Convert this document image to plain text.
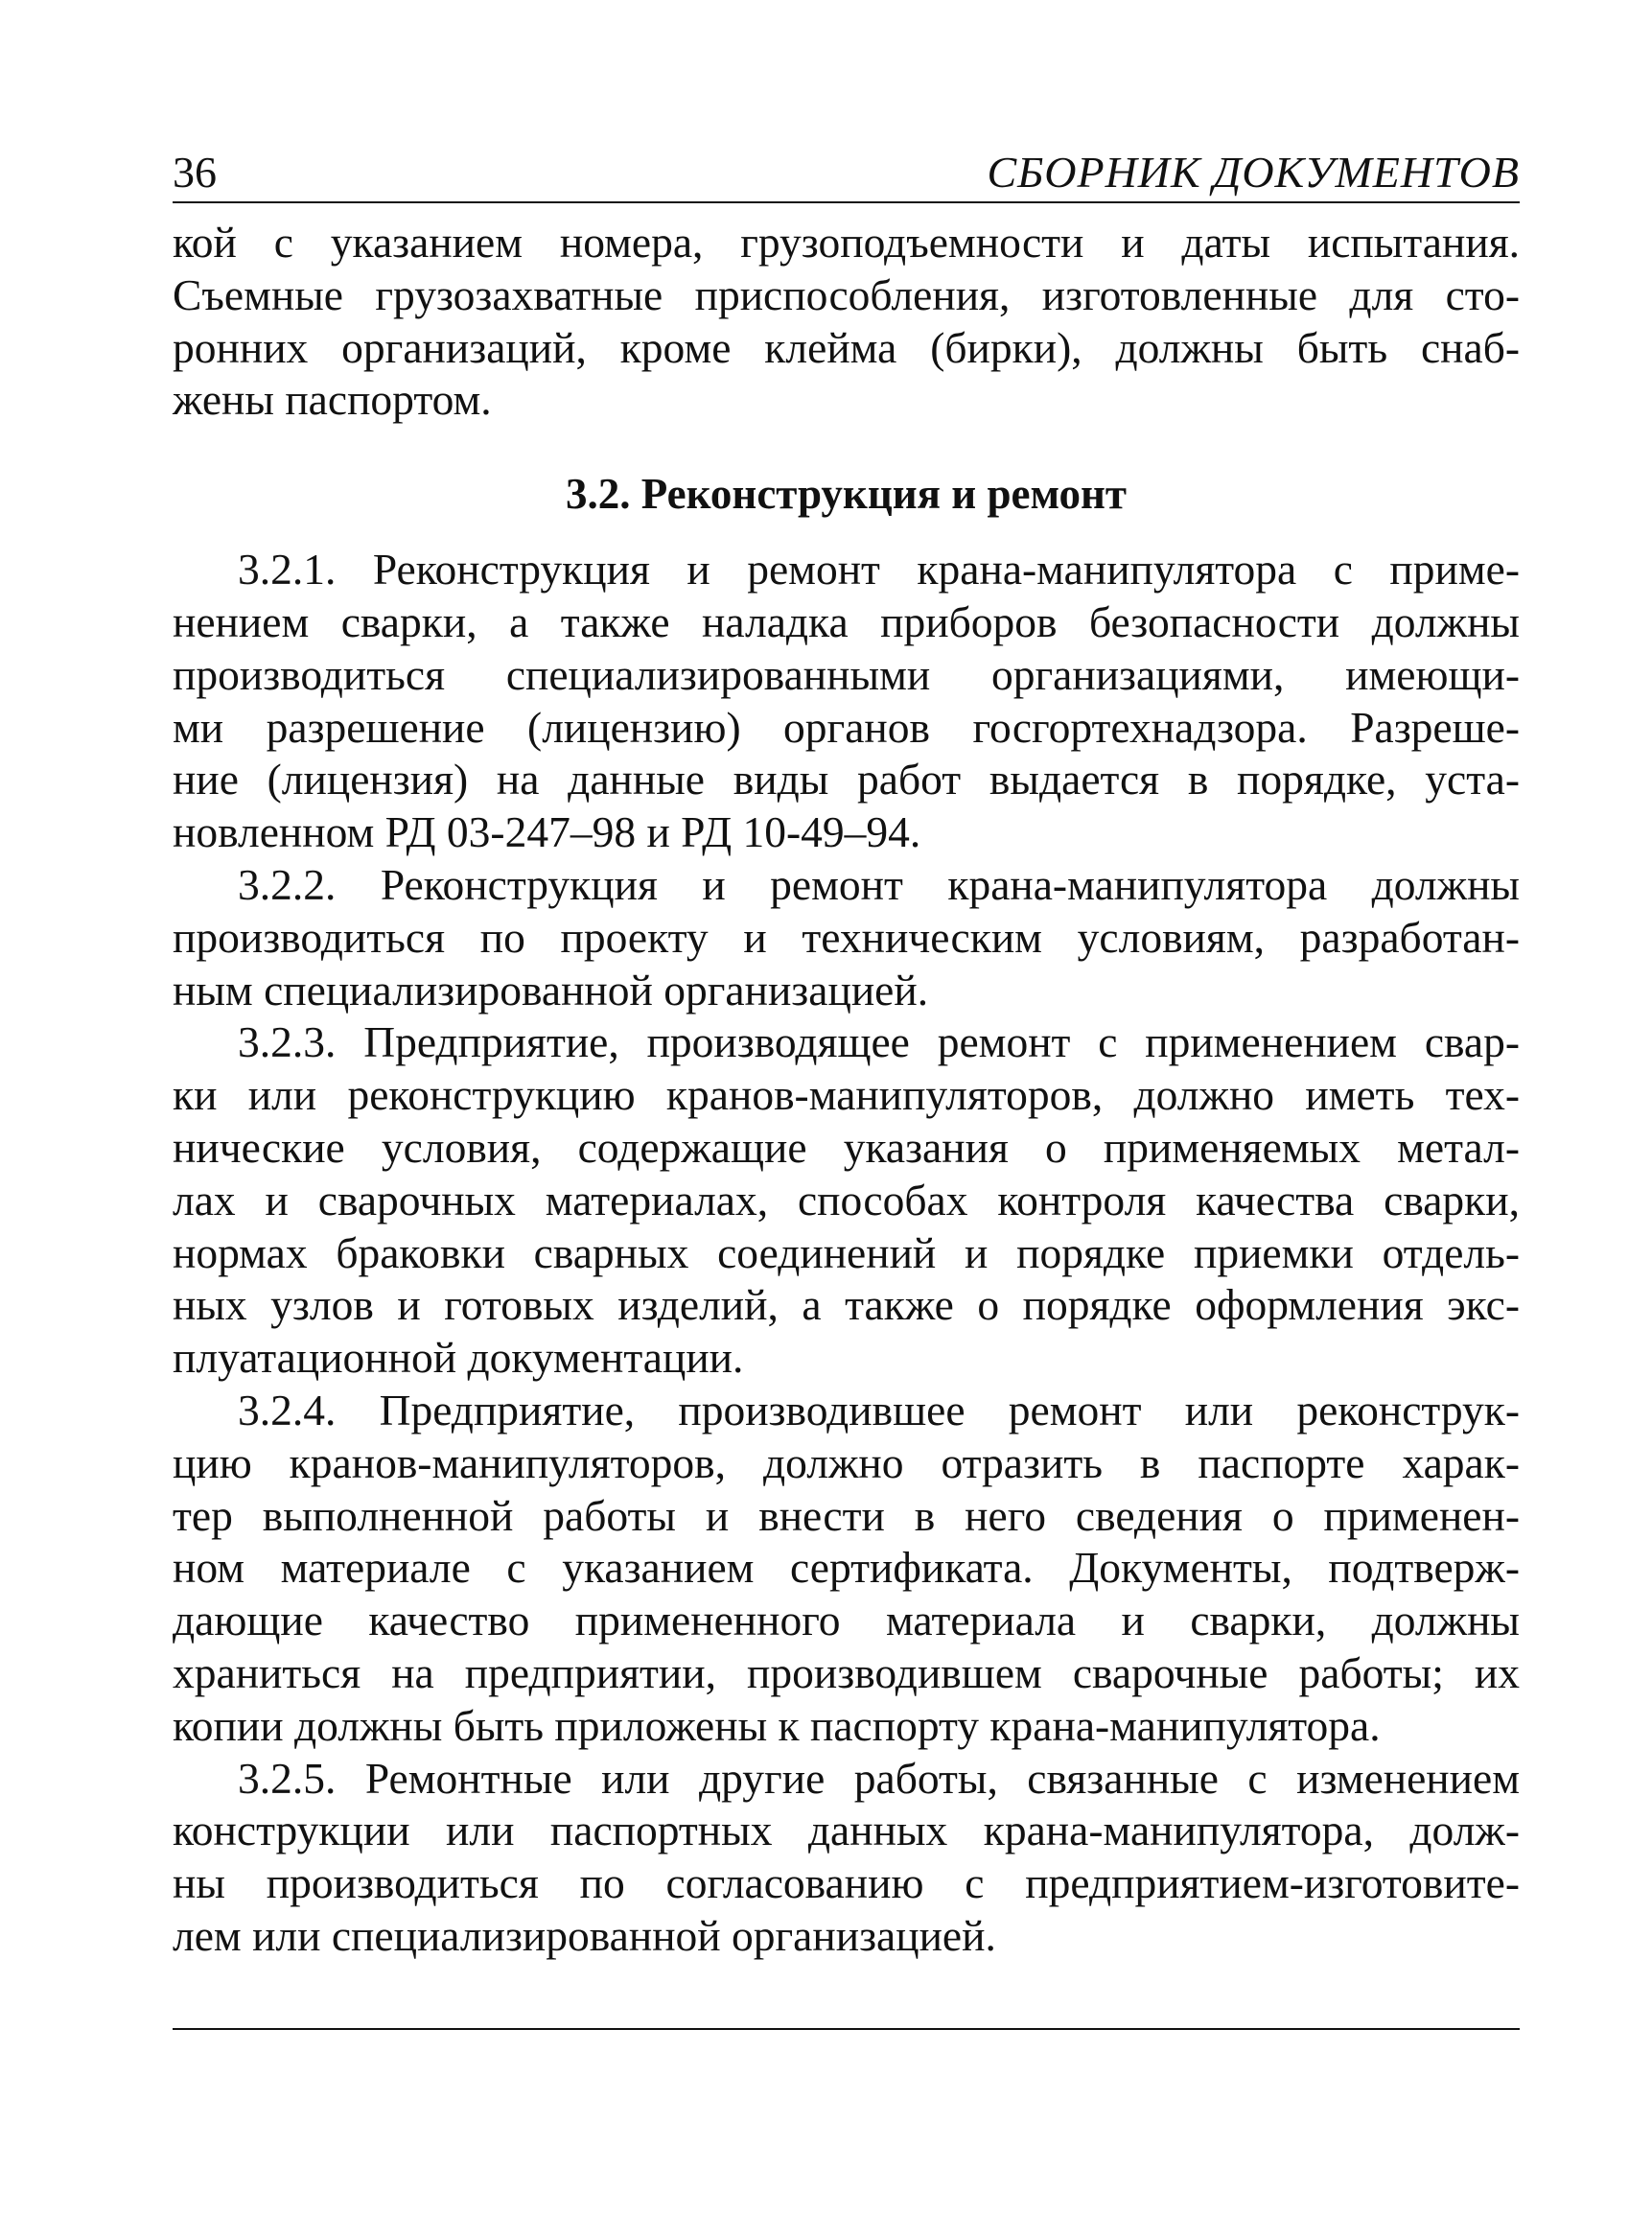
36	СБОРНИК ДОКУМЕНТОВ

кой с указанием номера, грузоподъемности и даты испытания.
Съемные грузозахватные приспособления, изготовленные для сто-
ронних организаций, кроме клейма (бирки), должны быть снаб-
жены паспортом.

3.2. Реконструкция и ремонт

3.2.1. Реконструкция и ремонт крана-манипулятора с приме-
нением сварки, а также наладка приборов безопасности должны
производиться специализированными организациями, имеющи-
ми разрешение (лицензию) органов госгортехнадзора. Разреше-
ние (лицензия) на данные виды работ выдается в порядке, уста-
новленном РД 03-247–98 и РД 10-49–94.

3.2.2. Реконструкция и ремонт крана-манипулятора должны
производиться по проекту и техническим условиям, разработан-
ным специализированной организацией.

3.2.3. Предприятие, производящее ремонт с применением свар-
ки или реконструкцию кранов-манипуляторов, должно иметь тех-
нические условия, содержащие указания о применяемых метал-
лах и сварочных материалах, способах контроля качества сварки,
нормах браковки сварных соединений и порядке приемки отдель-
ных узлов и готовых изделий, а также о порядке оформления экс-
плуатационной документации.

3.2.4. Предприятие, производившее ремонт или реконструк-
цию кранов-манипуляторов, должно отразить в паспорте харак-
тер выполненной работы и внести в него сведения о применен-
ном материале с указанием сертификата. Документы, подтверж-
дающие качество примененного материала и сварки, должны
храниться на предприятии, производившем сварочные работы; их
копии должны быть приложены к паспорту крана-манипулятора.

3.2.5. Ремонтные или другие работы, связанные с изменением
конструкции или паспортных данных крана-манипулятора, долж-
ны производиться по согласованию с предприятием-изготовите-
лем или специализированной организацией.
